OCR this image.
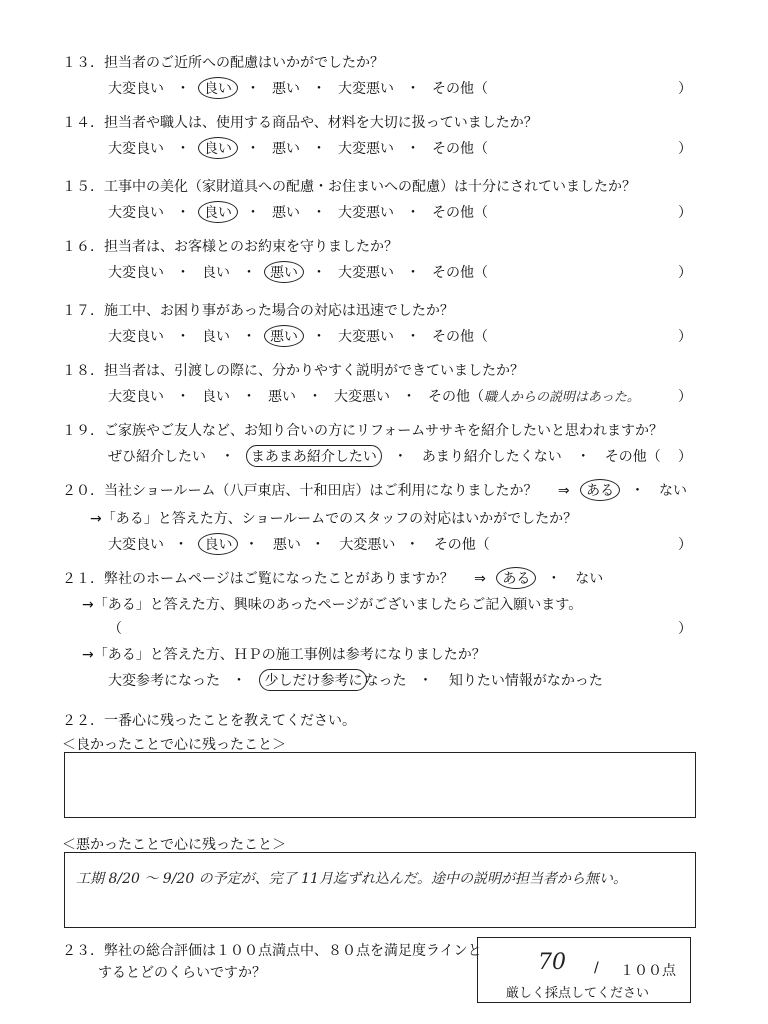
１３．担当者のご近所への配慮はいかがでしたか？
大変良い ・ 良い ・ 悪い ・ 大変悪い ・ その他（	）
１４．担当者や職人は、使用する商品や、材料を大切に扱っていましたか？
大変良い ・ 良い ・ 悪い ・ 大変悪い ・ その他（	）
１５．工事中の美化（家財道具への配慮・お住まいへの配慮）は十分にされていましたか？
大変良い ・ 良い ・ 悪い ・ 大変悪い ・ その他（	）
１６．担当者は、お客様とのお約束を守りましたか？
大変良い ・ 良い ・ 悪い ・ 大変悪い ・ その他（	）
１７．施工中、お困り事があった場合の対応は迅速でしたか？
大変良い ・ 良い ・ 悪い ・ 大変悪い ・ その他（	）
１８．担当者は、引渡しの際に、分かりやすく説明ができていましたか？
大変良い ・ 良い ・ 悪い ・ 大変悪い ・ その他（職人からの説明はあった。	）
１９．ご家族やご友人など、お知り合いの方にリフォームササキを紹介したいと思われますか？
ぜひ紹介したい ・ まあまあ紹介したい ・ あまり紹介したくない ・ その他（ ）
２０．当社ショールーム（八戸東店、十和田店）はご利用になりましたか？ ⇒ ある ・ ない
→「ある」と答えた方、ショールームでのスタッフの対応はいかがでしたか？
大変良い ・ 良い ・ 悪い ・ 大変悪い ・ その他（	）
２１．弊社のホームページはご覧になったことがありますか？ ⇒ ある ・ ない
→「ある」と答えた方、興味のあったページがございましたらご記入願います。
（	）
→「ある」と答えた方、ＨＰの施工事例は参考になりましたか？
大変参考になった ・ 少しだけ参考に なった ・ 知りたい情報がなかった
２２．一番心に残ったことを教えてください。
＜良かったことで心に残ったこと＞
＜悪かったことで心に残ったこと＞
工期 8/20 ～ 9/20 の予定が、完了 11月迄ずれ込んだ。途中の説明が担当者から無い。
２３．弊社の総合評価は１００点満点中、８０点を満足度ラインと
するとどのくらいですか？	70 / １００点
厳しく採点してください
